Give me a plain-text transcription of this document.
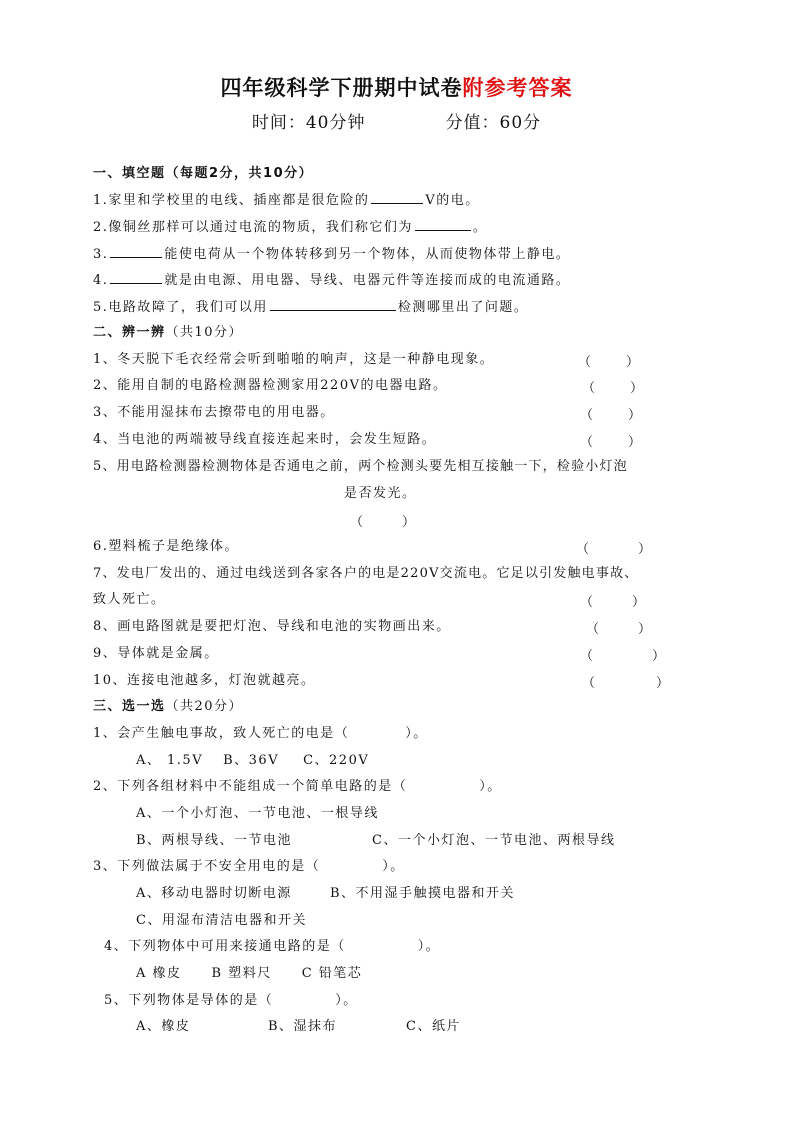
四年级科学下册期中试卷附参考答案
时间：40分钟	分值：60分
一、填空题（每题2分，共10分）
1.家里和学校里的电线、插座都是很危险的	V的电。
2.像铜丝那样可以通过电流的物质，我们称它们为	。
3.	能使电荷从一个物体转移到另一个物体，从而使物体带上静电。
4.	就是由电源、用电器、导线、电器元件等连接而成的电流通路。
5.电路故障了，我们可以用	检测哪里出了问题。
二、辨一辨（共10分）
1、冬天脱下毛衣经常会听到啪啪的响声，这是一种静电现象。	（	）
2、能用自制的电路检测器检测家用220V的电器电路。	（	）
3、不能用湿抹布去擦带电的用电器。	（	）
4、当电池的两端被导线直接连起来时，会发生短路。	（	）
5、用电路检测器检测物体是否通电之前，两个检测头要先相互接触一下，检验小灯泡
是否发光。
（	）
6.塑料梳子是绝缘体。	（	）
7、发电厂发出的、通过电线送到各家各户的电是220V交流电。它足以引发触电事故、
致人死亡。	（	）
8、画电路图就是要把灯泡、导线和电池的实物画出来。	（	）
9、导体就是金属。	（	）
10、连接电池越多，灯泡就越亮。	（	）
三、选一选（共20分）
1、会产生触电事故，致人死亡的电是（	）。
A、 1.5V B、36V C、220V
2、下列各组材料中不能组成一个简单电路的是（	）。
A、一个小灯泡、一节电池、一根导线
B、两根导线、一节电池	C、一个小灯泡、一节电池、两根导线
3、下列做法属于不安全用电的是（	）。
A、移动电器时切断电源	B、不用湿手触摸电器和开关
C、用湿布清洁电器和开关
4、下列物体中可用来接通电路的是（	）。
A 橡皮 B 塑料尺 C 铅笔芯
5、下列物体是导体的是（	）。
A、橡皮	B、湿抹布	C、纸片
